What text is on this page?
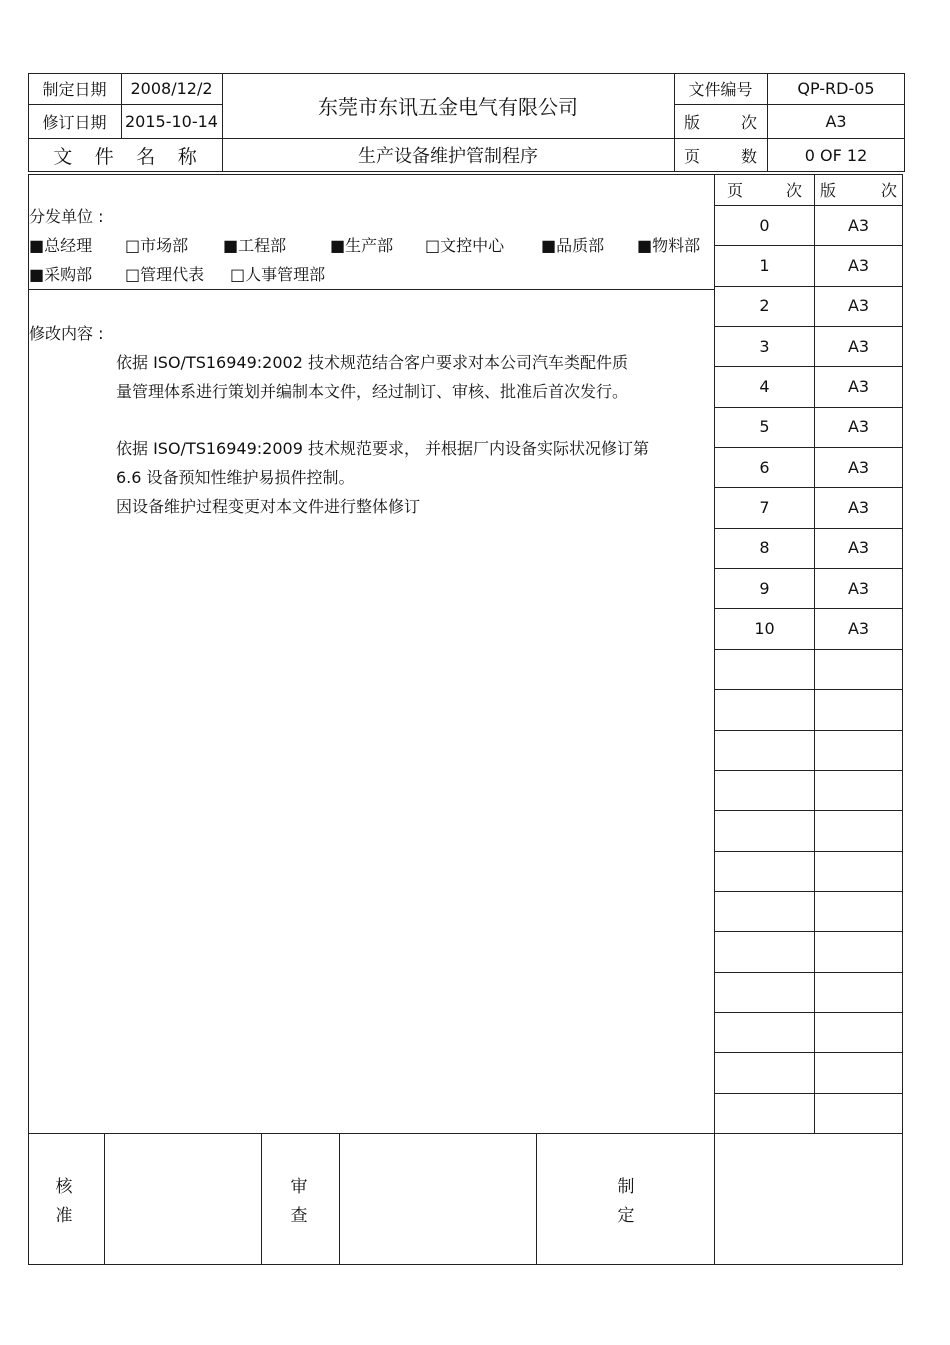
制定日期	2008/12/2
修订日期	2015-10-14
东莞市东讯五金电气有限公司
文件编号	QP-RD-05
版	次	A3
文 件 名 称	生产设备维护管制程序	页	数	0 OF 12
分发单位 :
■总经理 □市场部 ■工程部	■生产部 □文控中心 ■品质部 ■物料部
■采购部 □管理代表 □人事管理部
修改内容 :
依据 ISO/TS16949:2002 技术规范结合客户要求对本公司汽车类配件质
量管理体系进行策划并编制本文件，经过制订、审核、批准后首次发行。
依据 ISO/TS16949:2009 技术规范要求， 并根据厂内设备实际状况修订第
6.6 设备预知性维护易损件控制。
因设备维护过程变更对本文件进行整体修订
页	次 版	次
0	A3
1	A3
2	A3
3	A3
4	A3
5	A3
6	A3
7	A3
8	A3
9	A3
10	A3
核
准
审
查
制
定
